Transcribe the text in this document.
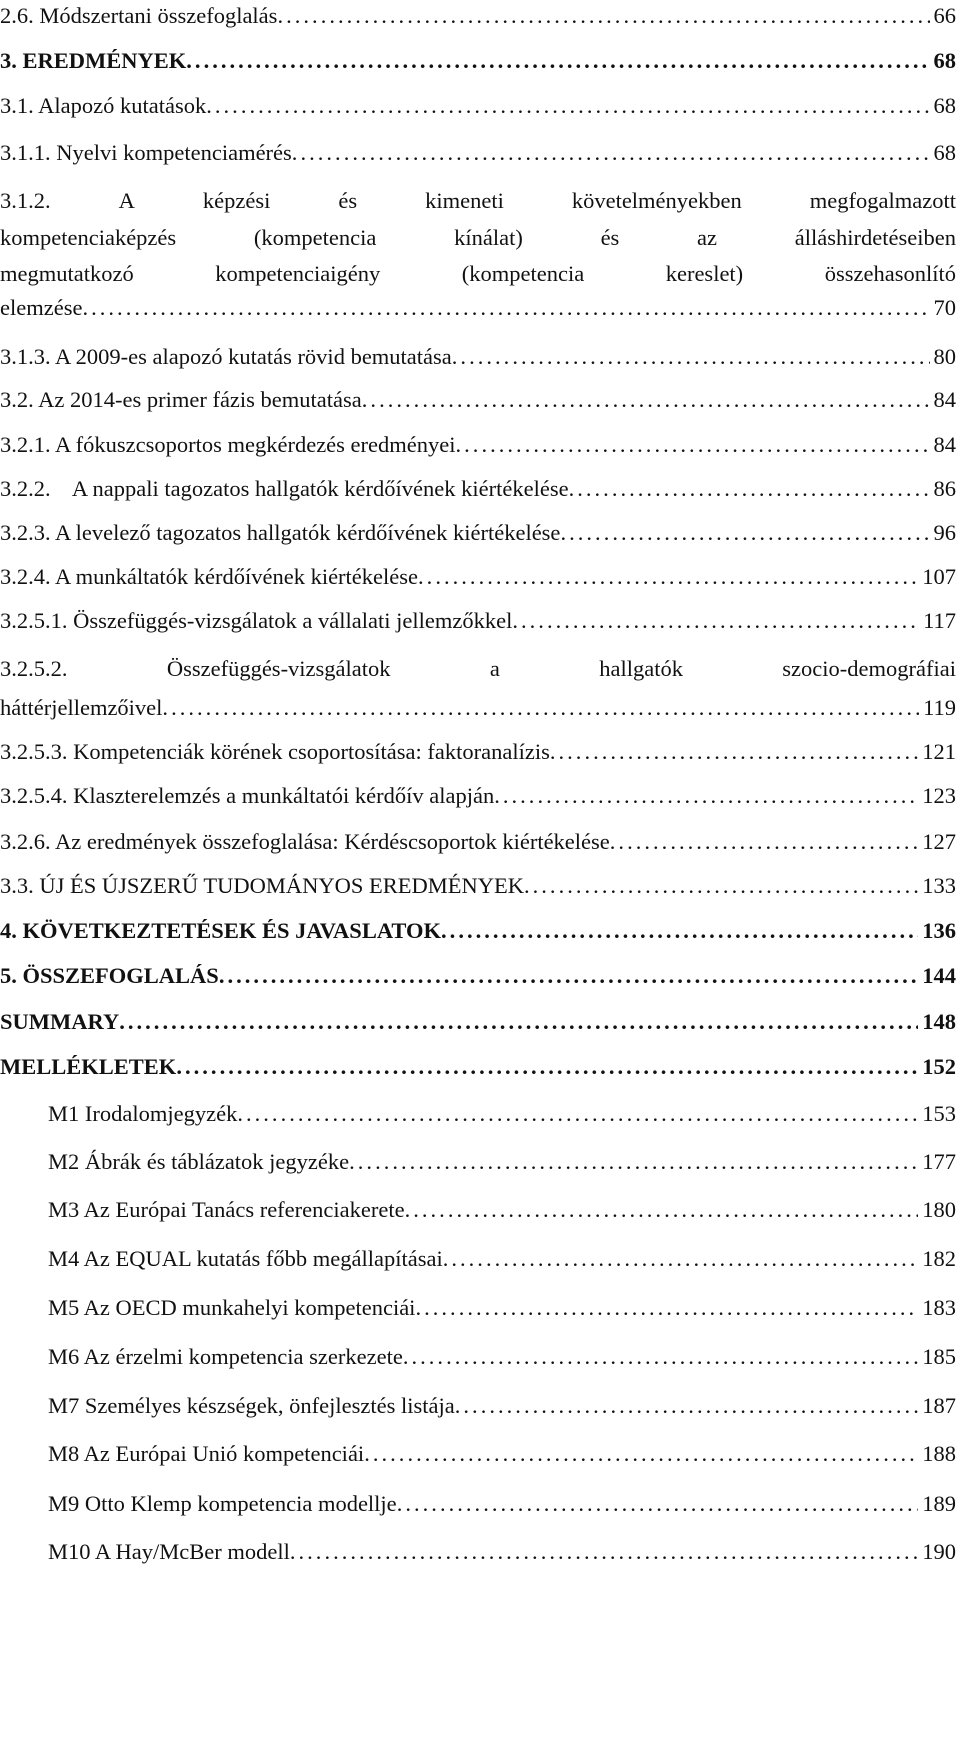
2.6. Módszertani összefoglalás . . .	66
3. EREDMÉNYEK . . .	68
3.1. Alapozó kutatások . . .	68
3.1.1. Nyelvi kompetenciamérés . . .	68
3.1.2.	A	képzési	és	kimeneti	követelményekben	megfogalmazott
kompetenciaképzés	(kompetencia	kínálat)	és	az	álláshirdetéseiben
megmutatkozó	kompetenciaigény	(kompetencia	kereslet)	összehasonlító
elemzése . . .	70
3.1.3. A 2009-es alapozó kutatás rövid bemutatása . . .	80
3.2. Az 2014-es primer fázis bemutatása . . .	84
3.2.1. A fókuszcsoportos megkérdezés eredményei . . .	84
3.2.2.    A nappali tagozatos hallgatók kérdőívének kiértékelése . . .	86
3.2.3. A levelező tagozatos hallgatók kérdőívének kiértékelése . . .	96
3.2.4. A munkáltatók kérdőívének kiértékelése . . .	107
3.2.5.1. Összefüggés-vizsgálatok a vállalati jellemzőkkel . . .	117
3.2.5.2.	Összefüggés-vizsgálatok	a	hallgatók	szocio-demográfiai
háttérjellemzőivel . . .	119
3.2.5.3. Kompetenciák körének csoportosítása: faktoranalízis . . .	121
3.2.5.4. Klaszterelemzés a munkáltatói kérdőív alapján . . .	123
3.2.6. Az eredmények összefoglalása: Kérdéscsoportok kiértékelése . . .	127
3.3. ÚJ ÉS ÚJSZERŰ TUDOMÁNYOS EREDMÉNYEK . . .	133
4. KÖVETKEZTETÉSEK ÉS JAVASLATOK . . .	136
5. ÖSSZEFOGLALÁS . . .	144
SUMMARY . . .	148
MELLÉKLETEK . . .	152
M1 Irodalomjegyzék . . .	153
M2 Ábrák és táblázatok jegyzéke . . .	177
M3 Az Európai Tanács referenciakerete . . .	180
M4 Az EQUAL kutatás főbb megállapításai . . .	182
M5 Az OECD munkahelyi kompetenciái . . .	183
M6 Az érzelmi kompetencia szerkezete . . .	185
M7 Személyes készségek, önfejlesztés listája . . .	187
M8 Az Európai Unió kompetenciái . . .	188
M9 Otto Klemp kompetencia modellje . . .	189
M10 A Hay/McBer modell . . .	190
